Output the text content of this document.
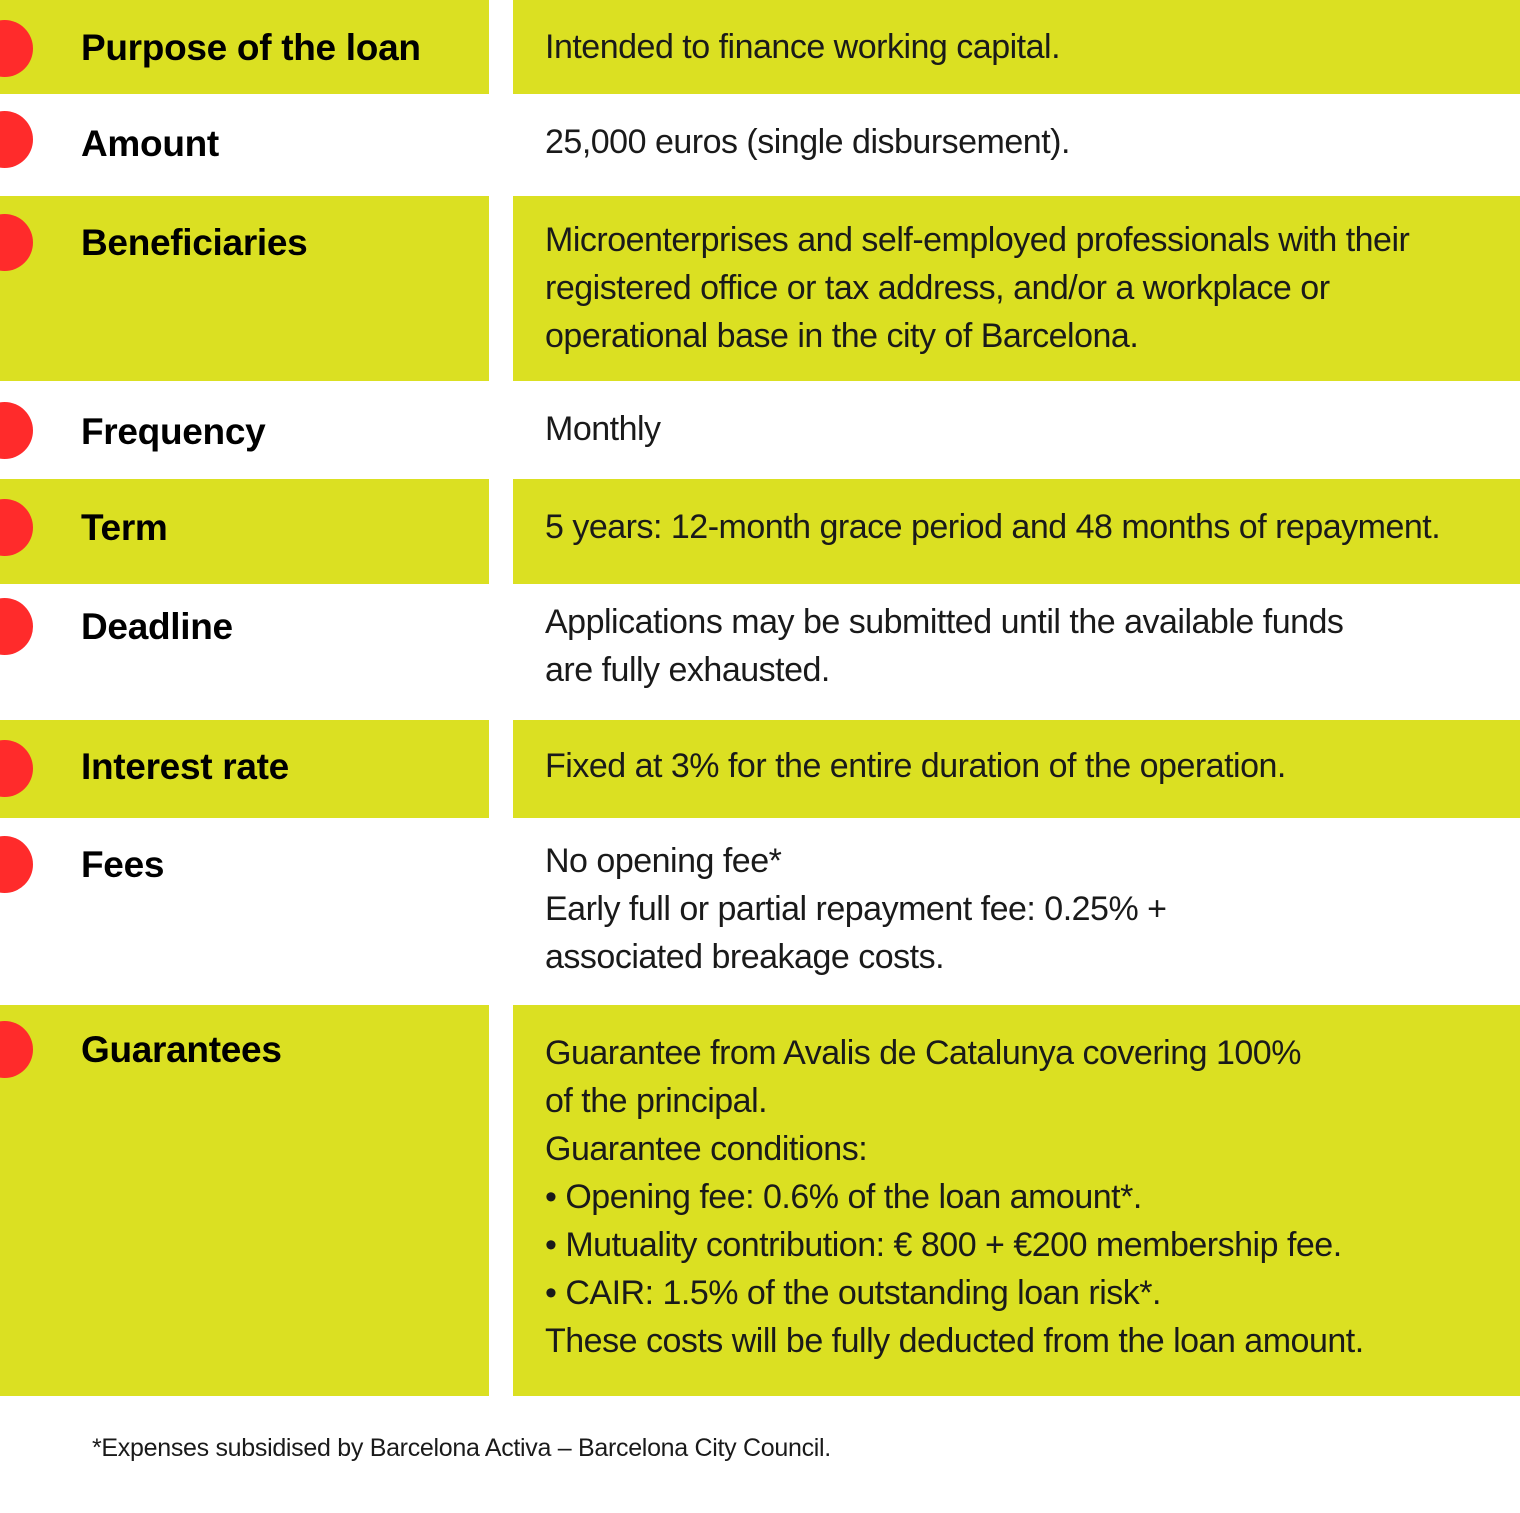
Purpose of the loan	Intended to finance working capital.
Amount	25,000 euros (single disbursement).
Beneficiaries	Microenterprises and self-employed professionals with their
registered office or tax address, and/or a workplace or
operational base in the city of Barcelona.
Frequency	Monthly
Term	5 years: 12-month grace period and 48 months of repayment.
Deadline	Applications may be submitted until the available funds
are fully exhausted.
Interest rate	Fixed at 3% for the entire duration of the operation.
Fees	No opening fee*
Early full or partial repayment fee: 0.25% +
associated breakage costs.
Guarantees	Guarantee from Avalis de Catalunya covering 100%
of the principal.
Guarantee conditions:
• Opening fee: 0.6% of the loan amount*.
• Mutuality contribution: € 800 + €200 membership fee.
• CAIR: 1.5% of the outstanding loan risk*.
These costs will be fully deducted from the loan amount.
*Expenses subsidised by Barcelona Activa – Barcelona City Council.
